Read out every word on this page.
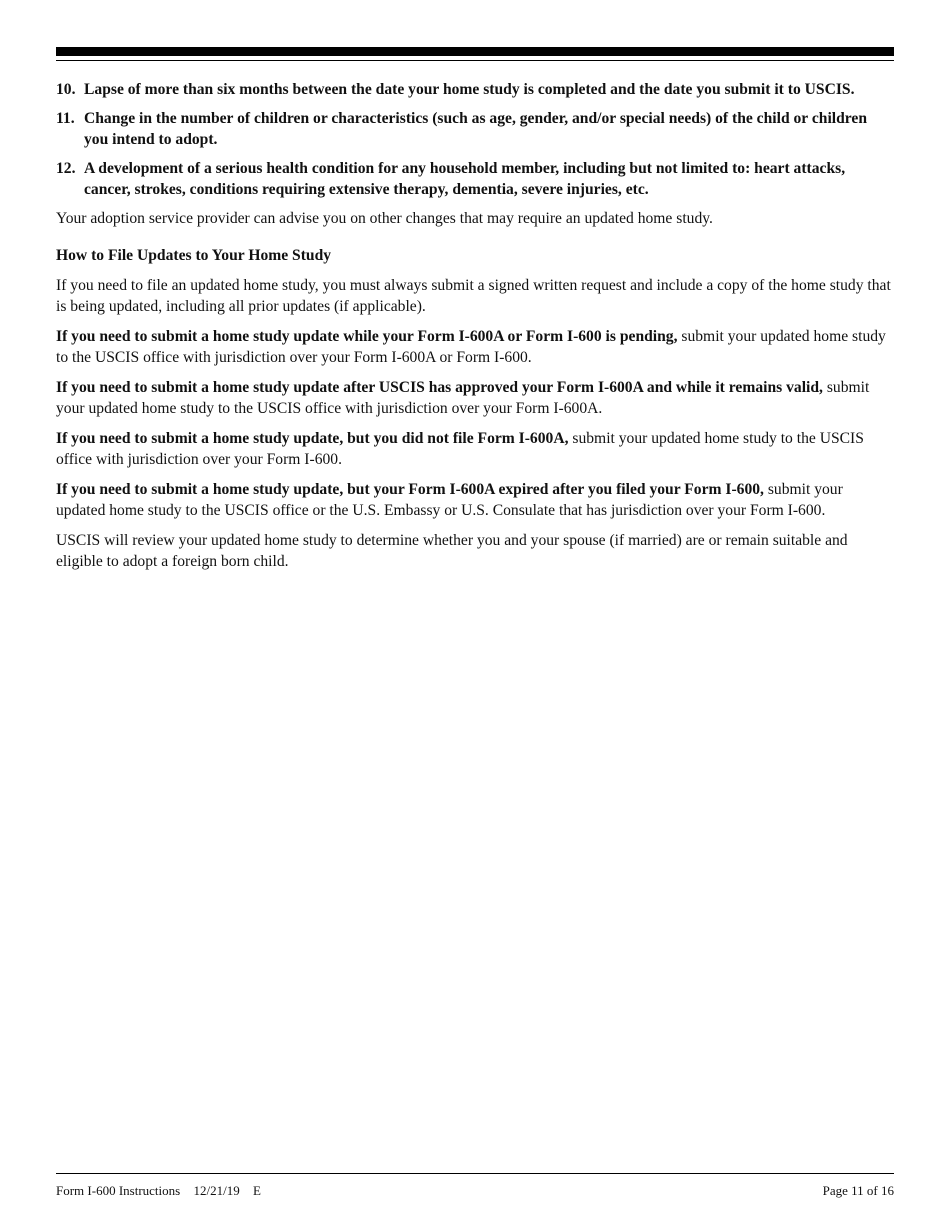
10. Lapse of more than six months between the date your home study is completed and the date you submit it to USCIS.
11. Change in the number of children or characteristics (such as age, gender, and/or special needs) of the child or children you intend to adopt.
12. A development of a serious health condition for any household member, including but not limited to: heart attacks, cancer, strokes, conditions requiring extensive therapy, dementia, severe injuries, etc.

Your adoption service provider can advise you on other changes that may require an updated home study.

How to File Updates to Your Home Study

If you need to file an updated home study, you must always submit a signed written request and include a copy of the home study that is being updated, including all prior updates (if applicable).

If you need to submit a home study update while your Form I-600A or Form I-600 is pending, submit your updated home study to the USCIS office with jurisdiction over your Form I-600A or Form I-600.

If you need to submit a home study update after USCIS has approved your Form I-600A and while it remains valid, submit your updated home study to the USCIS office with jurisdiction over your Form I-600A.

If you need to submit a home study update, but you did not file Form I-600A, submit your updated home study to the USCIS office with jurisdiction over your Form I-600.

If you need to submit a home study update, but your Form I-600A expired after you filed your Form I-600, submit your updated home study to the USCIS office or the U.S. Embassy or U.S. Consulate that has jurisdiction over your Form I-600.

USCIS will review your updated home study to determine whether you and your spouse (if married) are or remain suitable and eligible to adopt a foreign born child.

Form I-600 Instructions 12/21/19 E	Page 11 of 16
